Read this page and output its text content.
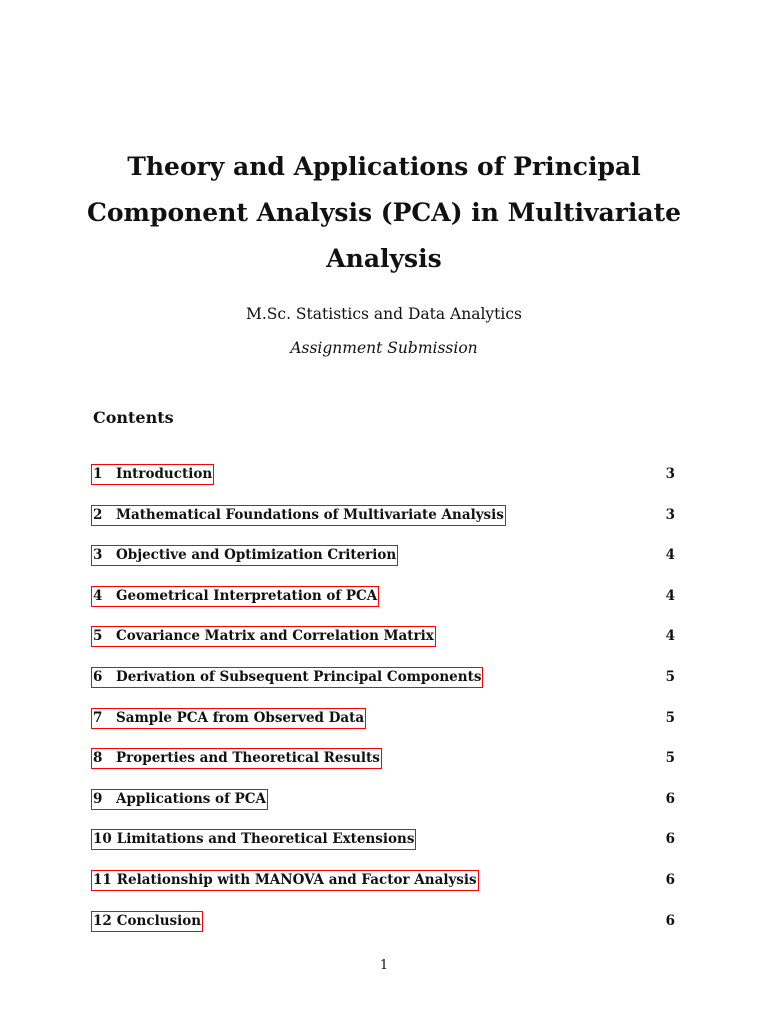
Theory and Applications of Principal
Component Analysis (PCA) in Multivariate
Analysis
M.Sc. Statistics and Data Analytics
Assignment Submission
Contents
1	Introduction	3
2	Mathematical Foundations of Multivariate Analysis	3
3	Objective and Optimization Criterion	4
4	Geometrical Interpretation of PCA	4
5	Covariance Matrix and Correlation Matrix	4
6	Derivation of Subsequent Principal Components	5
7	Sample PCA from Observed Data	5
8	Properties and Theoretical Results	5
9	Applications of PCA	6
10 Limitations and Theoretical Extensions	6
11 Relationship with MANOVA and Factor Analysis	6
12 Conclusion	6
1
